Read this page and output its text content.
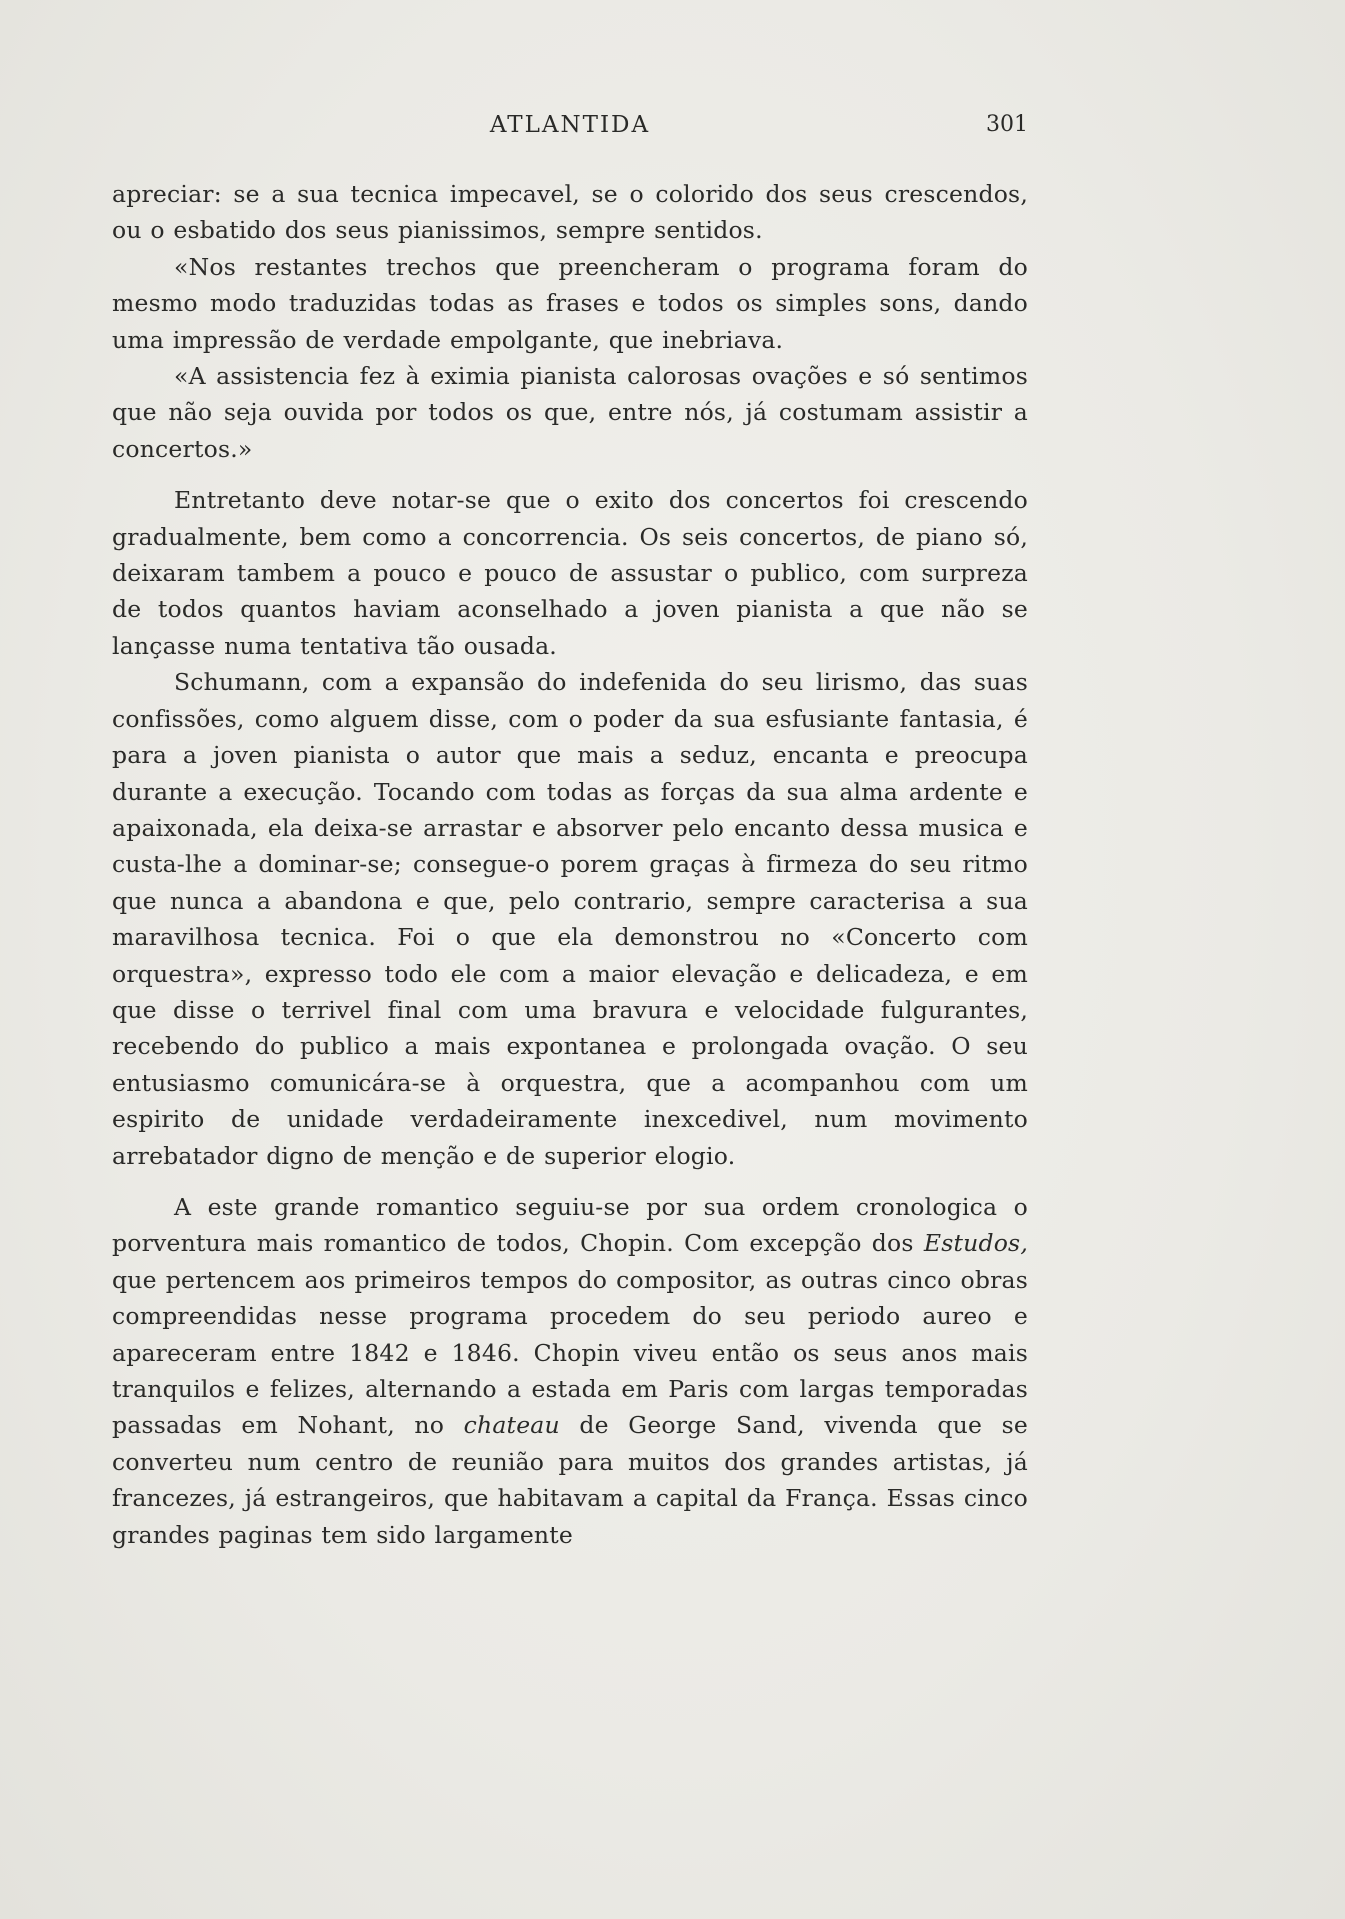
ATLANTIDA	301

apreciar: se a sua tecnica impecavel, se o colorido dos seus crescendos, ou o esbatido dos seus pianissimos, sempre sentidos.

«Nos restantes trechos que preencheram o programa foram do mesmo modo traduzidas todas as frases e todos os simples sons, dando uma impressão de verdade empolgante, que inebriava.

«A assistencia fez à eximia pianista calorosas ovações e só sentimos que não seja ouvida por todos os que, entre nós, já costumam assistir a concertos.»

Entretanto deve notar-se que o exito dos concertos foi crescendo gradualmente, bem como a concorrencia. Os seis concertos, de piano só, deixaram tambem a pouco e pouco de assustar o publico, com surpreza de todos quantos haviam aconselhado a joven pianista a que não se lançasse numa tentativa tão ousada.

Schumann, com a expansão do indefenida do seu lirismo, das suas confissões, como alguem disse, com o poder da sua esfusiante fantasia, é para a joven pianista o autor que mais a seduz, encanta e preocupa durante a execução. Tocando com todas as forças da sua alma ardente e apaixonada, ela deixa-se arrastar e absorver pelo encanto dessa musica e custa-lhe a dominar-se; consegue-o porem graças à firmeza do seu ritmo que nunca a abandona e que, pelo contrario, sempre caracterisa a sua maravilhosa tecnica. Foi o que ela demonstrou no «Concerto com orquestra», expresso todo ele com a maior elevação e delicadeza, e em que disse o terrivel final com uma bravura e velocidade fulgurantes, recebendo do publico a mais expontanea e prolongada ovação. O seu entusiasmo comunicára-se à orquestra, que a acompanhou com um espirito de unidade verdadeiramente inexcedivel, num movimento arrebatador digno de menção e de superior elogio.

A este grande romantico seguiu-se por sua ordem cronologica o porventura mais romantico de todos, Chopin. Com excepção dos Estudos, que pertencem aos primeiros tempos do compositor, as outras cinco obras compreendidas nesse programa procedem do seu periodo aureo e apareceram entre 1842 e 1846. Chopin viveu então os seus anos mais tranquilos e felizes, alternando a estada em Paris com largas temporadas passadas em Nohant, no chateau de George Sand, vivenda que se converteu num centro de reunião para muitos dos grandes artistas, já francezes, já estrangeiros, que habitavam a capital da França. Essas cinco grandes paginas tem sido largamente
